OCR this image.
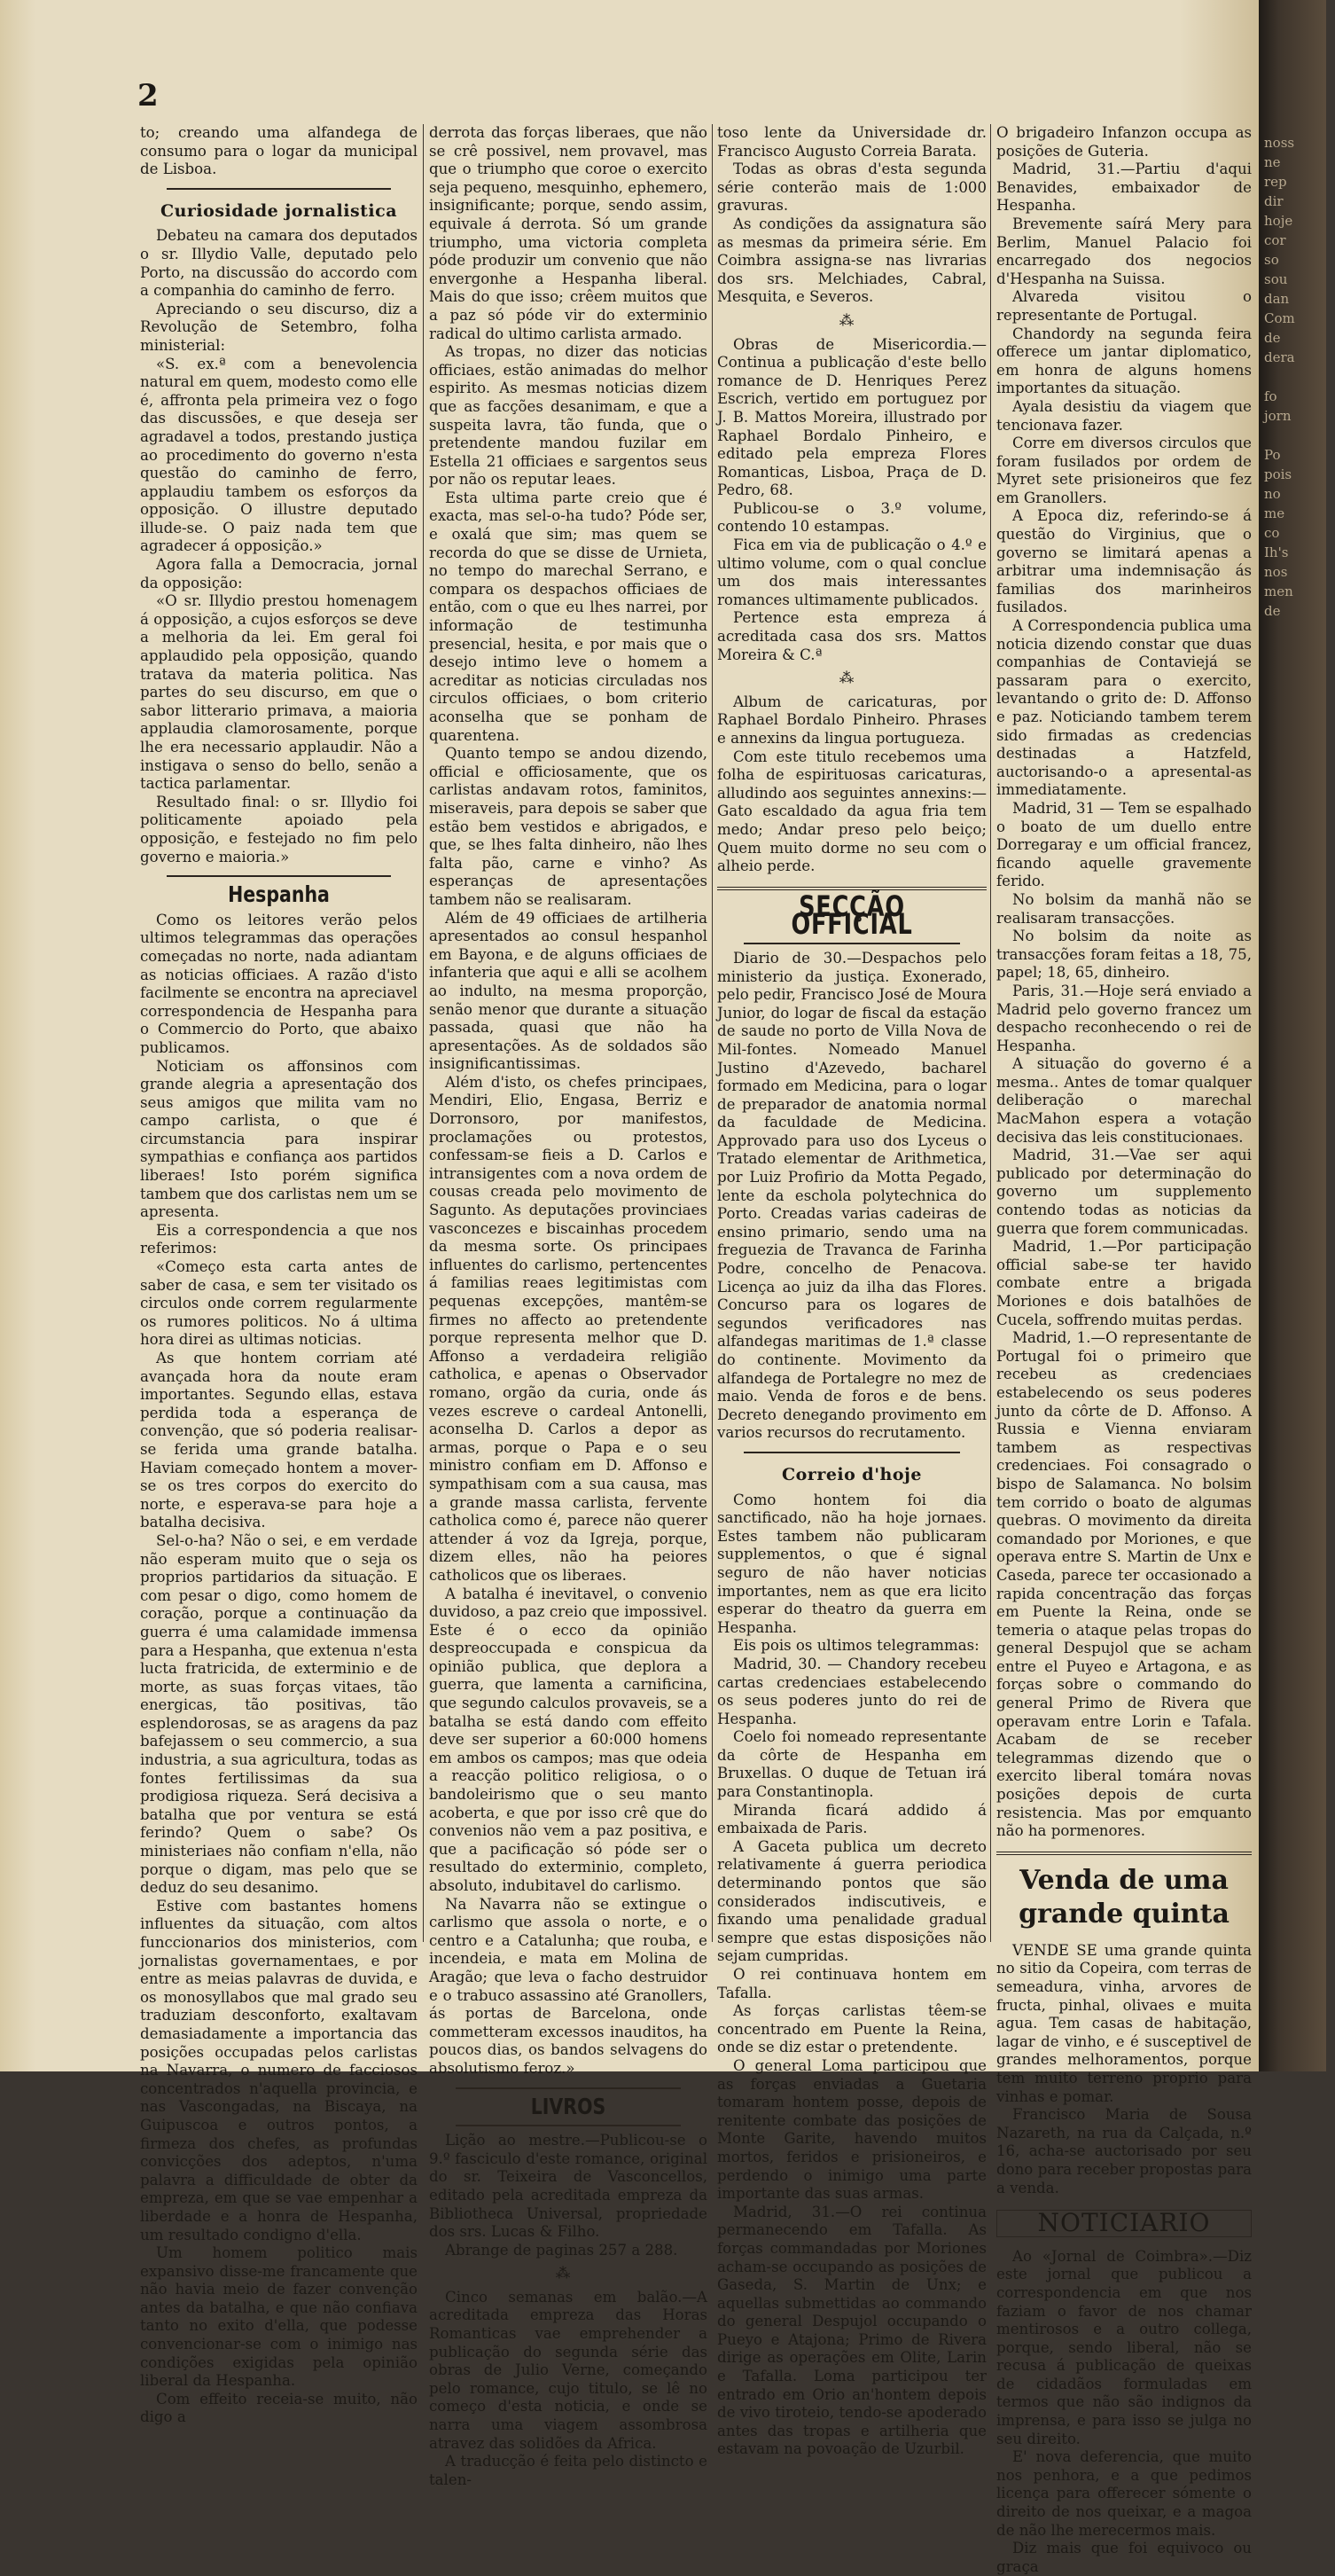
2

to; creando uma alfandega de consumo para o logar da municipal de Lisboa.

Curiosidade jornalistica

Debateu na camara dos deputados o sr. Illydio Valle, deputado pelo Porto, na discussão do accordo com a companhia do caminho de ferro.

Apreciando o seu discurso, diz a Revolução de Setembro, folha ministerial:

«S. ex.ª com a benevolencia natural em quem, modesto como elle é, affronta pela primeira vez o fogo das discussões, e que deseja ser agradavel a todos, prestando justiça ao procedimento do governo n'esta questão do caminho de ferro, applaudiu tambem os esforços da opposição. O illustre deputado illude-se. O paiz nada tem que agradecer á opposição.»

Agora falla a Democracia, jornal da opposição:

«O sr. Illydio prestou homenagem á opposição, a cujos esforços se deve a melhoria da lei. Em geral foi applaudido pela opposição, quando tratava da materia politica. Nas partes do seu discurso, em que o sabor litterario primava, a maioria applaudia clamorosamente, porque lhe era necessario applaudir. Não a instigava o senso do bello, senão a tactica parlamentar.

Resultado final: o sr. Illydio foi politicamente apoiado pela opposição, e festejado no fim pelo governo e maioria.»

Hespanha

Como os leitores verão pelos ultimos telegrammas das operações começadas no norte, nada adiantam as noticias officiaes. A razão d'isto facilmente se encontra na apreciavel correspondencia de Hespanha para o Commercio do Porto, que abaixo publicamos.

Noticiam os affonsinos com grande alegria a apresentação dos seus amigos que milita vam no campo carlista, o que é circumstancia para inspirar sympathias e confiança aos partidos liberaes! Isto porém significa tambem que dos carlistas nem um se apresenta.

Eis a correspondencia a que nos referimos:

«Começo esta carta antes de saber de casa, e sem ter visitado os circulos onde correm regularmente os rumores politicos. No á ultima hora direi as ultimas noticias.

As que hontem corriam até avançada hora da noute eram importantes. Segundo ellas, estava perdida toda a esperança de convenção, que só poderia realisar-se ferida uma grande batalha. Haviam começado hontem a mover-se os tres corpos do exercito do norte, e esperava-se para hoje a batalha decisiva.

Sel-o-ha? Não o sei, e em verdade não esperam muito que o seja os proprios partidarios da situação. E com pesar o digo, como homem de coração, porque a continuação da guerra é uma calamidade immensa para a Hespanha, que extenua n'esta lucta fratricida, de exterminio e de morte, as suas forças vitaes, tão energicas, tão positivas, tão esplendorosas, se as aragens da paz bafejassem o seu commercio, a sua industria, a sua agricultura, todas as fontes fertilissimas da sua prodigiosa riqueza. Será decisiva a batalha que por ventura se está ferindo? Quem o sabe? Os ministeriaes não confiam n'ella, não porque o digam, mas pelo que se deduz do seu desanimo.

Estive com bastantes homens influentes da situação, com altos funccionarios dos ministerios, com jornalistas governamentaes, e por entre as meias palavras de duvida, e os monosyllabos que mal grado seu traduziam desconforto, exaltavam demasiadamente a importancia das posições occupadas pelos carlistas na Navarra, o numero de facciosos concentrados n'aquella provincia, e nas Vascongadas, na Biscaya, na Guipuscoa e outros pontos, a firmeza dos chefes, as profundas convicções dos adeptos, n'uma palavra a difficuldade de obter da empreza, em que se vae empenhar a liberdade e a honra de Hespanha, um resultado condigno d'ella.

Um homem politico mais expansivo disse-me francamente que não havia meio de fazer convenção antes da batalha, e que não confiava tanto no exito d'ella, que podesse convencionar-se com o inimigo nas condições exigidas pela opinião liberal da Hespanha.

Com effeito receia-se muito, não digo a

derrota das forças liberaes, que não se crê possivel, nem provavel, mas que o triumpho que coroe o exercito seja pequeno, mesquinho, ephemero, insignificante; porque, sendo assim, equivale á derrota. Só um grande triumpho, uma victoria completa póde produzir um convenio que não envergonhe a Hespanha liberal. Mais do que isso; crêem muitos que a paz só póde vir do exterminio radical do ultimo carlista armado.

As tropas, no dizer das noticias officiaes, estão animadas do melhor espirito. As mesmas noticias dizem que as facções desanimam, e que a suspeita lavra, tão funda, que o pretendente mandou fuzilar em Estella 21 officiaes e sargentos seus por não os reputar leaes.

Esta ultima parte creio que é exacta, mas sel-o-ha tudo? Póde ser, e oxalá que sim; mas quem se recorda do que se disse de Urnieta, no tempo do marechal Serrano, e compara os despachos officiaes de então, com o que eu lhes narrei, por informação de testimunha presencial, hesita, e por mais que o desejo intimo leve o homem a acreditar as noticias circuladas nos circulos officiaes, o bom criterio aconselha que se ponham de quarentena.

Quanto tempo se andou dizendo, official e officiosamente, que os carlistas andavam rotos, faminitos, miseraveis, para depois se saber que estão bem vestidos e abrigados, e que, se lhes falta dinheiro, não lhes falta pão, carne e vinho? As esperanças de apresentações tambem não se realisaram.

Além de 49 officiaes de artilheria apresentados ao consul hespanhol em Bayona, e de alguns officiaes de infanteria que aqui e alli se acolhem ao indulto, na mesma proporção, senão menor que durante a situação passada, quasi que não ha apresentações. As de soldados são insignificantissimas.

Além d'isto, os chefes principaes, Mendiri, Elio, Engasa, Berriz e Dorronsoro, por manifestos, proclamações ou protestos, confessam-se fieis a D. Carlos e intransigentes com a nova ordem de cousas creada pelo movimento de Sagunto. As deputações provinciaes vasconcezes e biscainhas procedem da mesma sorte. Os principaes influentes do carlismo, pertencentes á familias reaes legitimistas com pequenas excepções, mantêm-se firmes no affecto ao pretendente porque representa melhor que D. Affonso a verdadeira religião catholica, e apenas o Observador romano, orgão da curia, onde ás vezes escreve o cardeal Antonelli, aconselha D. Carlos a depor as armas, porque o Papa e o seu ministro confiam em D. Affonso e sympathisam com a sua causa, mas a grande massa carlista, fervente catholica como é, parece não querer attender á voz da Igreja, porque, dizem elles, não ha peiores catholicos que os liberaes.

A batalha é inevitavel, o convenio duvidoso, a paz creio que impossivel. Este é o ecco da opinião despreoccupada e conspicua da opinião publica, que deplora a guerra, que lamenta a carnificina, que segundo calculos provaveis, se a batalha se está dando com effeito deve ser superior a 60:000 homens em ambos os campos; mas que odeia a reacção politico religiosa, o o bandoleirismo que o seu manto acoberta, e que por isso crê que do convenios não vem a paz positiva, e que a pacificação só póde ser o resultado do exterminio, completo, absoluto, indubitavel do carlismo.

Na Navarra não se extingue o carlismo que assola o norte, e o centro e a Catalunha; que rouba, e incendeia, e mata em Molina de Aragão; que leva o facho destruidor e o trabuco assassino até Granollers, ás portas de Barcelona, onde commetteram excessos inauditos, ha poucos dias, os bandos selvagens do absolutismo feroz.»

LIVROS

Lição ao mestre.—Publicou-se o 9.º fasciculo d'este romance, original do sr. Teixeira de Vasconcellos, editado pela acreditada empreza da Bibliotheca Universal, propriedade dos srs. Lucas & Filho.

Abrange de paginas 257 a 288.

⁂

Cinco semanas em balão.—A acreditada empreza das Horas Romanticas vae emprehender a publicação do segunda série das obras de Julio Verne, começando pelo romance, cujo titulo, se lê no começo d'esta noticia, e onde se narra uma viagem assombrosa atravez das solidões da Africa.

A traducção é feita pelo distincto e talen-

toso lente da Universidade dr. Francisco Augusto Correia Barata.

Todas as obras d'esta segunda série conterão mais de 1:000 gravuras.

As condições da assignatura são as mesmas da primeira série. Em Coimbra assigna-se nas livrarias dos srs. Melchiades, Cabral, Mesquita, e Severos.

⁂

Obras de Misericordia.—Continua a publicação d'este bello romance de D. Henriques Perez Escrich, vertido em portuguez por J. B. Mattos Moreira, illustrado por Raphael Bordalo Pinheiro, e editado pela empreza Flores Romanticas, Lisboa, Praça de D. Pedro, 68.

Publicou-se o 3.º volume, contendo 10 estampas.

Fica em via de publicação o 4.º e ultimo volume, com o qual conclue um dos mais interessantes romances ultimamente publicados.

Pertence esta empreza á acreditada casa dos srs. Mattos Moreira & C.ª

⁂

Album de caricaturas, por Raphael Bordalo Pinheiro. Phrases e annexins da lingua portugueza.

Com este titulo recebemos uma folha de espirituosas caricaturas, alludindo aos seguintes annexins:—Gato escaldado da agua fria tem medo; Andar preso pelo beiço; Quem muito dorme no seu com o alheio perde.

SECÇÃO OFFICIAL

Diario de 30.—Despachos pelo ministerio da justiça. Exonerado, pelo pedir, Francisco José de Moura Junior, do logar de fiscal da estação de saude no porto de Villa Nova de Mil-fontes. Nomeado Manuel Justino d'Azevedo, bacharel formado em Medicina, para o logar de preparador de anatomia normal da faculdade de Medicina. Approvado para uso dos Lyceus o Tratado elementar de Arithmetica, por Luiz Profirio da Motta Pegado, lente da eschola polytechnica do Porto. Creadas varias cadeiras de ensino primario, sendo uma na freguezia de Travanca de Farinha Podre, concelho de Penacova. Licença ao juiz da ilha das Flores. Concurso para os logares de segundos verificadores nas alfandegas maritimas de 1.ª classe do continente. Movimento da alfandega de Portalegre no mez de maio. Venda de foros e de bens. Decreto denegando provimento em varios recursos do recrutamento.

Correio d'hoje

Como hontem foi dia sanctificado, não ha hoje jornaes. Estes tambem não publicaram supplementos, o que é signal seguro de não haver noticias importantes, nem as que era licito esperar do theatro da guerra em Hespanha.

Eis pois os ultimos telegrammas:

Madrid, 30. — Chandory recebeu cartas credenciaes estabelecendo os seus poderes junto do rei de Hespanha.

Coelo foi nomeado representante da côrte de Hespanha em Bruxellas. O duque de Tetuan irá para Constantinopla.

Miranda ficará addido á embaixada de Paris.

A Gaceta publica um decreto relativamente á guerra periodica determinando pontos que são considerados indiscutiveis, e fixando uma penalidade gradual sempre que estas disposições não sejam cumpridas.

O rei continuava hontem em Tafalla.

As forças carlistas têem-se concentrado em Puente la Reina, onde se diz estar o pretendente.

O general Loma participou que as forças enviadas a Guetaria tomaram hontem posse, depois de renitente combate das posições de Monte Garite, havendo muitos mortos, feridos e prisioneiros, e perdendo o inimigo uma parte importante das suas armas.

Madrid, 31.—O rei continua permanecendo em Tafalla. As forças commandadas por Moriones acham-se occupando as posições de Gaseda, S. Martin de Unx; e aquellas submettidas ao commando do general Despujol occupando o Pueyo e Atajona; Primo de Rivera dirige as operações em Olite, Larin e Tafalla. Loma participou ter entrado em Orio an'hontem depois de vivo tiroteio, tendo-se apoderado antes das tropas e artilheria que estavam na povoação de Uzurbil.

O brigadeiro Infanzon occupa as posições de Guteria.

Madrid, 31.—Partiu d'aqui Benavides, embaixador de Hespanha.

Brevemente saírá Mery para Berlim, Manuel Palacio foi encarregado dos negocios d'Hespanha na Suissa.

Alvareda visitou o representante de Portugal.

Chandordy na segunda feira offerece um jantar diplomatico, em honra de alguns homens importantes da situação.

Ayala desistiu da viagem que tencionava fazer.

Corre em diversos circulos que foram fusilados por ordem de Myret sete prisioneiros que fez em Granollers.

A Epoca diz, referindo-se á questão do Virginius, que o governo se limitará apenas a arbitrar uma indemnisação ás familias dos marinheiros fusilados.

A Correspondencia publica uma noticia dizendo constar que duas companhias de Contaviejá se passaram para o exercito, levantando o grito de: D. Affonso e paz. Noticiando tambem terem sido firmadas as credencias destinadas a Hatzfeld, auctorisando-o a apresental-as immediatamente.

Madrid, 31 — Tem se espalhado o boato de um duello entre Dorregaray e um official francez, ficando aquelle gravemente ferido.

No bolsim da manhã não se realisaram transacções.

No bolsim da noite as transacções foram feitas a 18, 75, papel; 18, 65, dinheiro.

Paris, 31.—Hoje será enviado a Madrid pelo governo francez um despacho reconhecendo o rei de Hespanha.

A situação do governo é a mesma.. Antes de tomar qualquer deliberação o marechal MacMahon espera a votação decisiva das leis constitucionaes.

Madrid, 31.—Vae ser aqui publicado por determinação do governo um supplemento contendo todas as noticias da guerra que forem communicadas.

Madrid, 1.—Por participação official sabe-se ter havido combate entre a brigada Moriones e dois batalhões de Cucela, soffrendo muitas perdas.

Madrid, 1.—O representante de Portugal foi o primeiro que recebeu as credenciaes estabelecendo os seus poderes junto da côrte de D. Affonso. A Russia e Vienna enviaram tambem as respectivas credenciaes. Foi consagrado o bispo de Salamanca. No bolsim tem corrido o boato de algumas quebras. O movimento da direita comandado por Moriones, e que operava entre S. Martin de Unx e Caseda, parece ter occasionado a rapida concentração das forças em Puente la Reina, onde se temeria o ataque pelas tropas do general Despujol que se acham entre el Puyeo e Artagona, e as forças sobre o commando do general Primo de Rivera que operavam entre Lorin e Tafala. Acabam de se receber telegrammas dizendo que o exercito liberal tomára novas posições depois de curta resistencia. Mas por emquanto não ha pormenores.

Venda de uma grande quinta

VENDE SE uma grande quinta no sitio da Copeira, com terras de semeadura, vinha, arvores de fructa, pinhal, olivaes e muita agua. Tem casas de habitação, lagar de vinho, e é susceptivel de grandes melhoramentos, porque tem muito terreno proprio para vinhas e pomar.

Francisco Maria de Sousa Nazareth, na rua da Calçada, n.º 16, acha-se auctorisado por seu dono para receber propostas para a venda.

NOTICIARIO

Ao «Jornal de Coimbra».—Diz este jornal que publicou a correspondencia em que nos faziam o favor de nos chamar mentirosos e a outro collega, porque, sendo liberal, não se recusa á publicação de queixas de cidadãos formuladas em termos que não são indignos da imprensa, e para isso se julga no seu direito.

E' nova deferencia, que muito nos penhora, e a que pedimos licença para offerecer sómente o direito de nos queixar, e a magoa de não lhe merecermos mais.

Diz mais que foi equivoco ou graça

noss
ne
rep
dir
hoje
cor
so
sou
dan
Com
de
dera

fo
jorn

Po
pois
no
me
co
Ih's
nos
men
de
